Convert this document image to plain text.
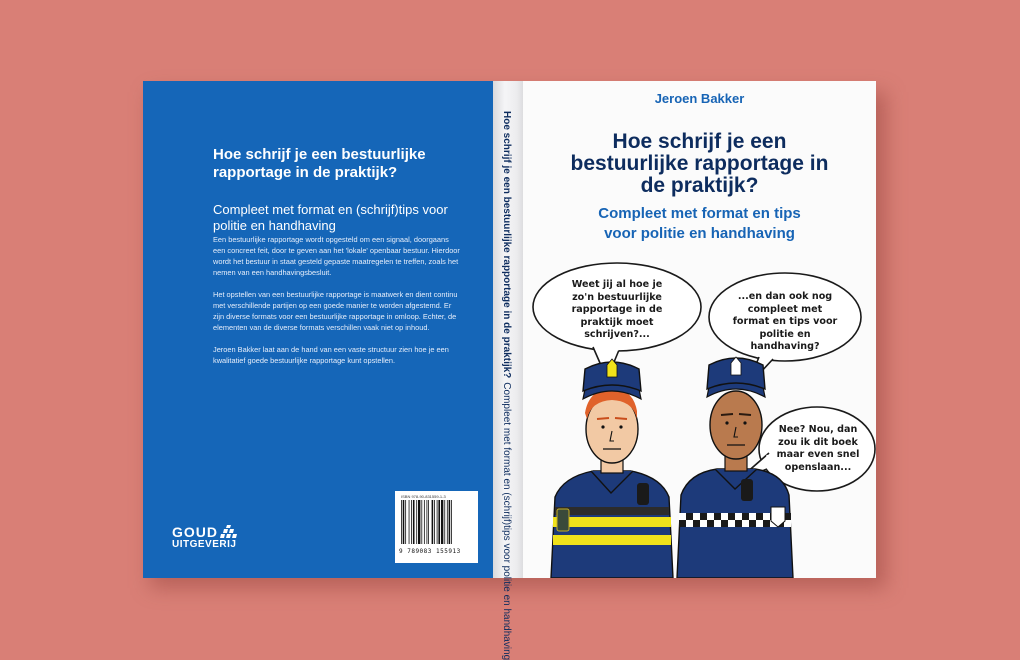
Hoe schrijf je een bestuurlijke rapportage in de praktijk?
Compleet met format en (schrijf)tips voor politie en handhaving

Een bestuurlijke rapportage wordt opgesteld om een signaal, doorgaans een concreet feit, door te geven aan het 'lokale' openbaar bestuur. Hierdoor wordt het bestuur in staat gesteld gepaste maatregelen te treffen, zoals het nemen van een handhavingsbesluit.

Het opstellen van een bestuurlijke rapportage is maatwerk en dient continu met verschillende partijen op een goede manier te worden afgestemd. Er zijn diverse formats voor een bestuurlijke rapportage in omloop. Echter, de elementen van de diverse formats verschillen vaak niet op inhoud.

Jeroen Bakker laat aan de hand van een vaste structuur zien hoe je een kwalitatief goede bestuurlijke rapportage kunt opstellen.

ISBN 978-90-831559-1-3
9 789083 155913
GOUD
UITGEVERIJ
Hoe schrijf je een bestuurlijke rapportage in de praktijk?
Compleet met format en (schrijf)tips voor politie en handhaving
Jeroen Bakker
Hoe schrijf je een bestuurlijke rapportage in de praktijk?
Compleet met format en tips
voor politie en handhaving
Weet jij al hoe je zo'n bestuurlijke rapportage in de praktijk moet schrijven?...
...en dan ook nog compleet met format en tips voor politie en handhaving?
Nee? Nou, dan zou ik dit boek maar even snel openslaan...
